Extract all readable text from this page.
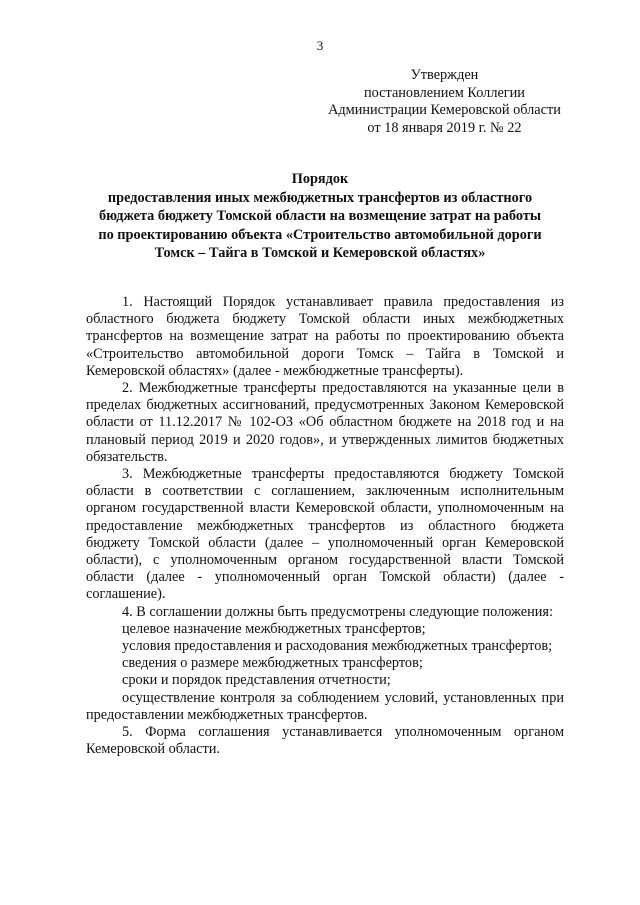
3
Утвержден
постановлением Коллегии
Администрации Кемеровской области
от 18 января 2019 г. № 22
Порядок
предоставления иных межбюджетных трансфертов из областного
бюджета бюджету Томской области на возмещение затрат на работы
по проектированию объекта «Строительство автомобильной дороги
Томск – Тайга в Томской и Кемеровской областях»

1. Настоящий Порядок устанавливает правила предоставления из областного бюджета бюджету Томской области иных межбюджетных трансфертов на возмещение затрат на работы по проектированию объекта «Строительство автомобильной дороги Томск – Тайга в Томской и Кемеровской областях» (далее - межбюджетные трансферты).

2. Межбюджетные трансферты предоставляются на указанные цели в пределах бюджетных ассигнований, предусмотренных Законом Кемеровской области от 11.12.2017 № 102-ОЗ «Об областном бюджете на 2018 год и на плановый период 2019 и 2020 годов», и утвержденных лимитов бюджетных обязательств.

3. Межбюджетные трансферты предоставляются бюджету Томской области в соответствии с соглашением, заключенным исполнительным органом государственной власти Кемеровской области, уполномоченным на предоставление межбюджетных трансфертов из областного бюджета бюджету Томской области (далее – уполномоченный орган Кемеровской области), с уполномоченным органом государственной власти Томской области (далее - уполномоченный орган Томской области) (далее - соглашение).

4. В соглашении должны быть предусмотрены следующие положения:

целевое назначение межбюджетных трансфертов;

условия предоставления и расходования межбюджетных трансфертов;

сведения о размере межбюджетных трансфертов;

сроки и порядок представления отчетности;

осуществление контроля за соблюдением условий, установленных при предоставлении межбюджетных трансфертов.

5. Форма соглашения устанавливается уполномоченным органом Кемеровской области.
